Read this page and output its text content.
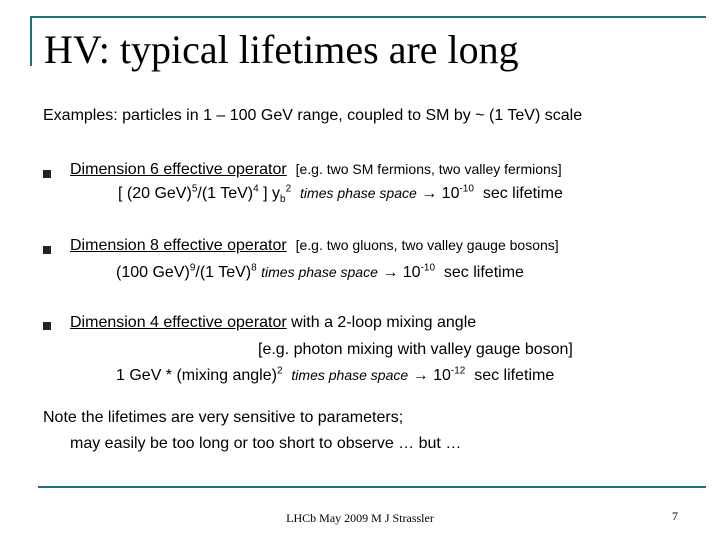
HV: typical lifetimes are long
Examples: particles in 1 – 100 GeV range, coupled to SM by ~ (1 TeV) scale
Dimension 6 effective operator [e.g. two SM fermions, two valley fermions]
[ (20 GeV)$^5$/(1 TeV)$^4$ ] $y_b^2$ times phase space → $10^{-10}$ sec lifetime
Dimension 8 effective operator [e.g. two gluons, two valley gauge bosons]
(100 GeV)$^9$/(1 TeV)$^8$ times phase space → $10^{-10}$ sec lifetime
Dimension 4 effective operator with a 2-loop mixing angle
[e.g. photon mixing with valley gauge boson]
1 GeV * (mixing angle)$^2$ times phase space → $10^{-12}$ sec lifetime
Note the lifetimes are very sensitive to parameters;
may easily be too long or too short to observe … but …
LHCb May 2009 M J Strassler	7
